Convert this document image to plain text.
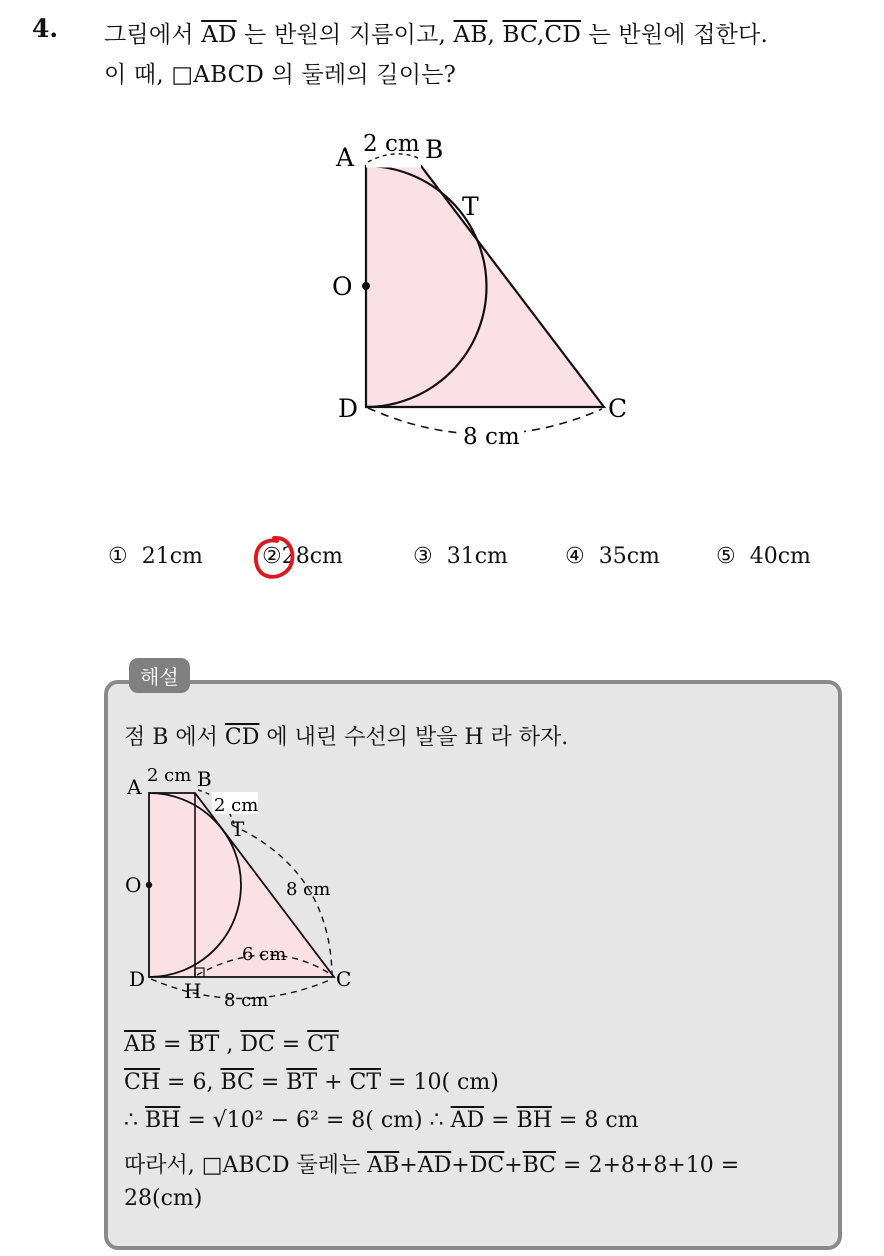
4. 그림에서 $\overline{AD}$ 는 반원의 지름이고, $\overline{AB}$, $\overline{BC},\overline{CD}$ 는 반원에 접한다.
이 때, □ABCD 의 둘레의 길이는?
A	B
T
O
D	C
2 cm
8 cm
① 21cm	②28cm	③ 31cm	④ 35cm	⑤ 40cm
해설
점 B 에서 $\overline{CD}$ 에 내린 수선의 발을 H 라 하자.
A	B
T
O
D H	C
2 cm
2 cm
8 cm
6 cm
8 cm
$\overline{AB} = \overline{BT}$ , $\overline{DC} = \overline{CT}$
$\overline{CH} = 6$, $\overline{BC} = \overline{BT} + \overline{CT} = 10$( cm)
∴ $\overline{BH} = √10^2 - 6^2 = 8$( cm) ∴ $\overline{AD} = \overline{BH} = 8$ cm
따라서, □ABCD 둘레는 $\overline{AB}+\overline{AD}+\overline{DC}+\overline{BC} = 2+8+8+10$ =
28(cm)
